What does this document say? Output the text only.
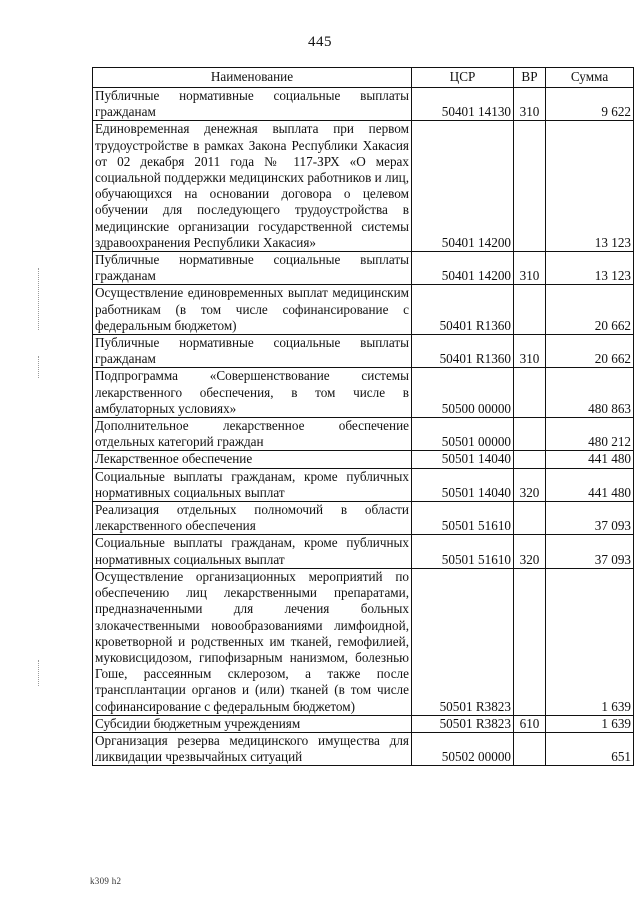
445
Наименование	ЦСР	ВР	Сумма
Публичные нормативные социальные выплаты гражданам	50401 14130	310	9 622
Единовременная денежная выплата при первом трудоустройстве в рамках Закона Республики Хакасия от 02 декабря 2011 года № 117-ЗРХ «О мерах социальной поддержки медицинских работников и лиц, обучающихся на основании договора о целевом обучении для последующего трудоустройства в медицинские организации государственной системы здравоохранения Республики Хакасия»	50401 14200		13 123
Публичные нормативные социальные выплаты гражданам	50401 14200	310	13 123
Осуществление единовременных выплат медицинским работникам (в том числе софинансирование с федеральным бюджетом)	50401 R1360		20 662
Публичные нормативные социальные выплаты гражданам	50401 R1360	310	20 662
Подпрограмма «Совершенствование системы лекарственного обеспечения, в том числе в амбулаторных условиях»	50500 00000		480 863
Дополнительное лекарственное обеспечение отдельных категорий граждан	50501 00000		480 212
Лекарственное обеспечение	50501 14040		441 480
Социальные выплаты гражданам, кроме публичных нормативных социальных выплат	50501 14040	320	441 480
Реализация отдельных полномочий в области лекарственного обеспечения	50501 51610		37 093
Социальные выплаты гражданам, кроме публичных нормативных социальных выплат	50501 51610	320	37 093
Осуществление организационных мероприятий по обеспечению лиц лекарственными препаратами, предназначенными для лечения больных злокачественными новообразованиями лимфоидной, кроветворной и родственных им тканей, гемофилией, муковисцидозом, гипофизарным нанизмом, болезнью Гоше, рассеянным склерозом, а также после трансплантации органов и (или) тканей (в том числе софинансирование с федеральным бюджетом)	50501 R3823		1 639
Субсидии бюджетным учреждениям	50501 R3823	610	1 639
Организация резерва медицинского имущества для ликвидации чрезвычайных ситуаций	50502 00000		651
k309 h2
